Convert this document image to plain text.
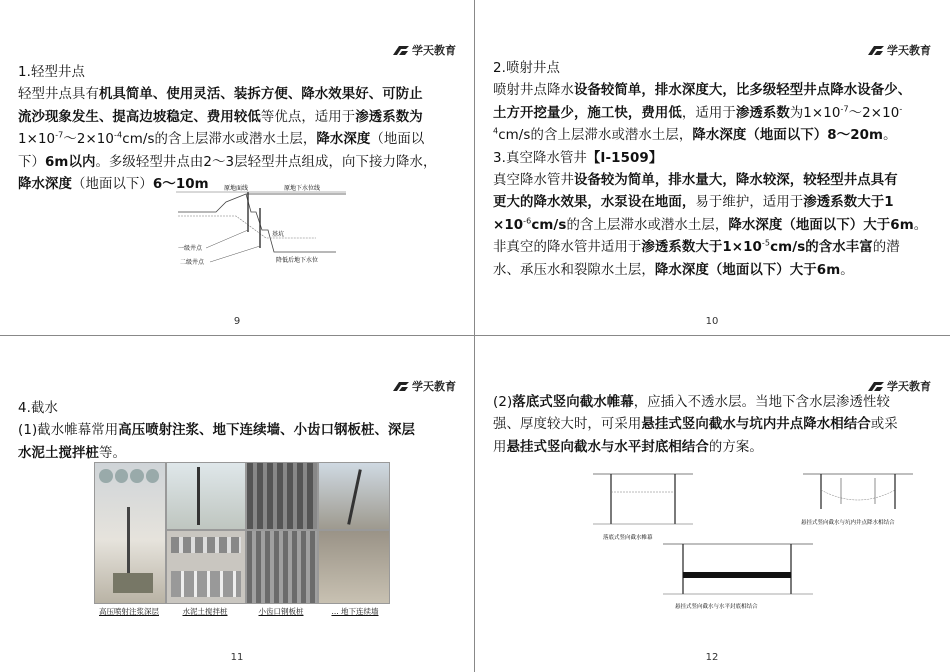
学天教育
1.轻型井点
轻型井点具有机具简单、使用灵活、装拆方便、降水效果好、可防止
流沙现象发生、提高边坡稳定、费用较低等优点，适用于渗透系数为
$1\times 10^{-7}\sim 2\times 10^{-4}cm/s$的含上层滞水或潜水土层，降水深度（地面以
下）6m以内。多级轻型井点由2～3层轻型井点组成，向下接力降水，
降水深度（地面以下）6～10m	原地面线	原地下水位线
基坑
一级井点
二级井点	降低后地下水位
9
学天教育
2.喷射井点
喷射井点降水设备较简单，排水深度大，比多级轻型井点降水设备少、
土方开挖量少，施工快，费用低，适用于渗透系数为$1\times 10^{-7}\sim 2\times 10^-$
$^4$cm/s的含上层滞水或潜水土层，降水深度（地面以下）8～20m。
3.真空降水管井【Ⅰ-1509】
真空降水管井设备较为简单，排水量大，降水较深，较轻型井点具有
更大的降水效果，水泵设在地面，易于维护，适用于渗透系数大于1
$\times 10^{-6}cm/s$的含上层滞水或潜水土层，降水深度（地面以下）大于6m。
非真空的降水管井适用于渗透系数大于$1\times 10^{-5}cm/s$的含水丰富的潜
水、承压水和裂隙水土层，降水深度（地面以下）大于6m。
10
学天教育
4.截水
(1)截水帷幕常用高压喷射注浆、地下连续墙、小齿口钢板桩、深层
水泥土搅拌桩等。
高压喷射注浆深层	水泥土搅拌桩	小齿口钢板桩	... 地下连续墙
11
学天教育
(2)落底式竖向截水帷幕，应插入不透水层。当地下含水层渗透性较
强、厚度较大时，可采用悬挂式竖向截水与坑内井点降水相结合或采
用悬挂式竖向截水与水平封底相结合的方案。
落底式竖向截水帷幕
悬挂式竖向截水与坑内井点降水相结合
悬挂式竖向截水与水平封底相结合
12
